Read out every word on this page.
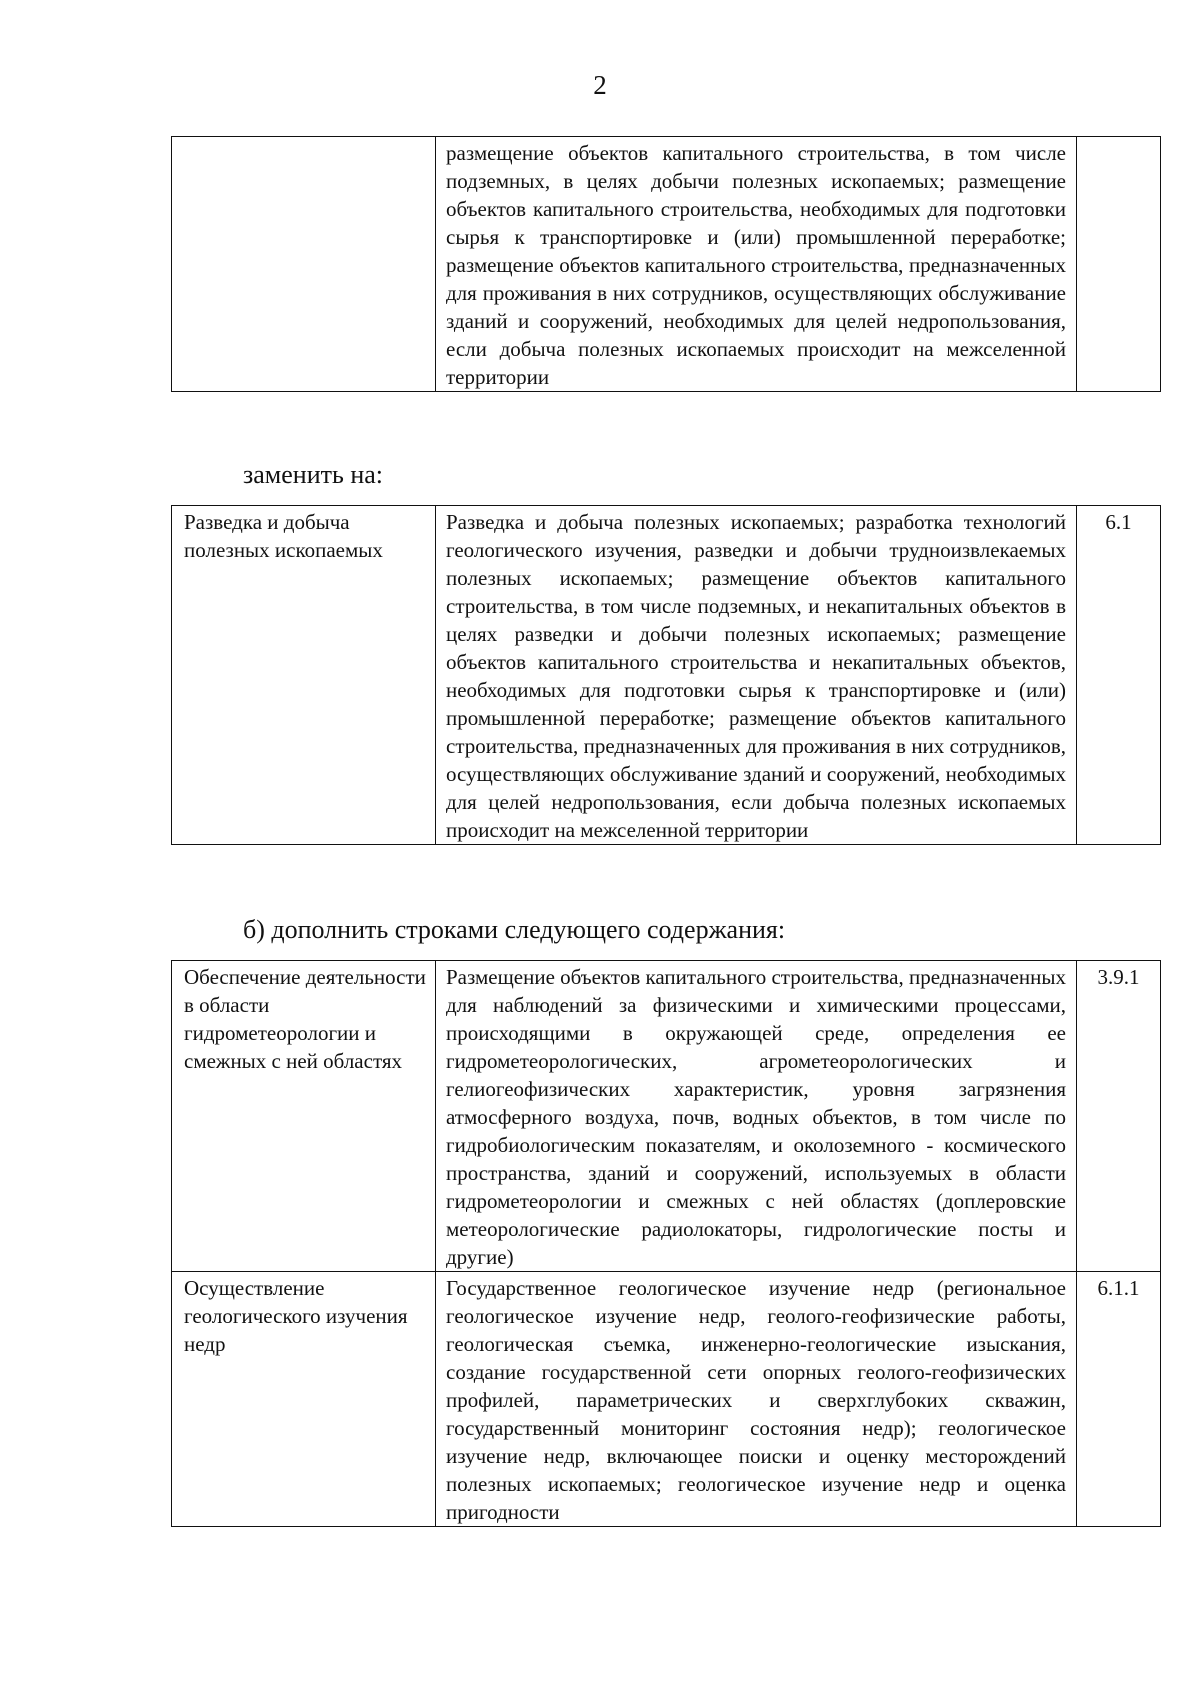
2
	размещение объектов капитального строительства, в том числе подземных, в целях добычи полезных ископаемых; размещение объектов капитального строительства, необходимых для подготовки сырья к транспортировке и (или) промышленной переработке; размещение объектов капитального строительства, предназначенных для проживания в них сотрудников, осуществляющих обслуживание зданий и сооружений, необходимых для целей недропользования, если добыча полезных ископаемых происходит на межселенной территории	
заменить на:
Разведка и добыча полезных ископаемых	Разведка и добыча полезных ископаемых; разработка технологий геологического изучения, разведки и добычи трудноизвлекаемых полезных ископаемых; размещение объектов капитального строительства, в том числе подземных, и некапитальных объектов в целях разведки и добычи полезных ископаемых; размещение объектов капитального строительства и некапитальных объектов, необходимых для подготовки сырья к транспортировке и (или) промышленной переработке; размещение объектов капитального строительства, предназначенных для проживания в них сотрудников, осуществляющих обслуживание зданий и сооружений, необходимых для целей недропользования, если добыча полезных ископаемых происходит на межселенной территории	6.1
б) дополнить строками следующего содержания:
Обеспечение деятельности в области гидрометеорологии и смежных с ней областях	Размещение объектов капитального строительства, предназначенных для наблюдений за физическими и химическими процессами, происходящими в окружающей среде, определения ее гидрометеорологических, агрометеорологических и гелиогеофизических характеристик, уровня загрязнения атмосферного воздуха, почв, водных объектов, в том числе по гидробиологическим показателям, и околоземного - космического пространства, зданий и сооружений, используемых в области гидрометеорологии и смежных с ней областях (доплеровские метеорологические радиолокаторы, гидрологические посты и другие)	3.9.1
Осуществление геологического изучения недр	Государственное геологическое изучение недр (региональное геологическое изучение недр, геолого-геофизические работы, геологическая съемка, инженерно-геологические изыскания, создание государственной сети опорных геолого-геофизических профилей, параметрических и сверхглубоких скважин, государственный мониторинг состояния недр); геологическое изучение недр, включающее поиски и оценку месторождений полезных ископаемых; геологическое изучение недр и оценка пригодности	6.1.1
